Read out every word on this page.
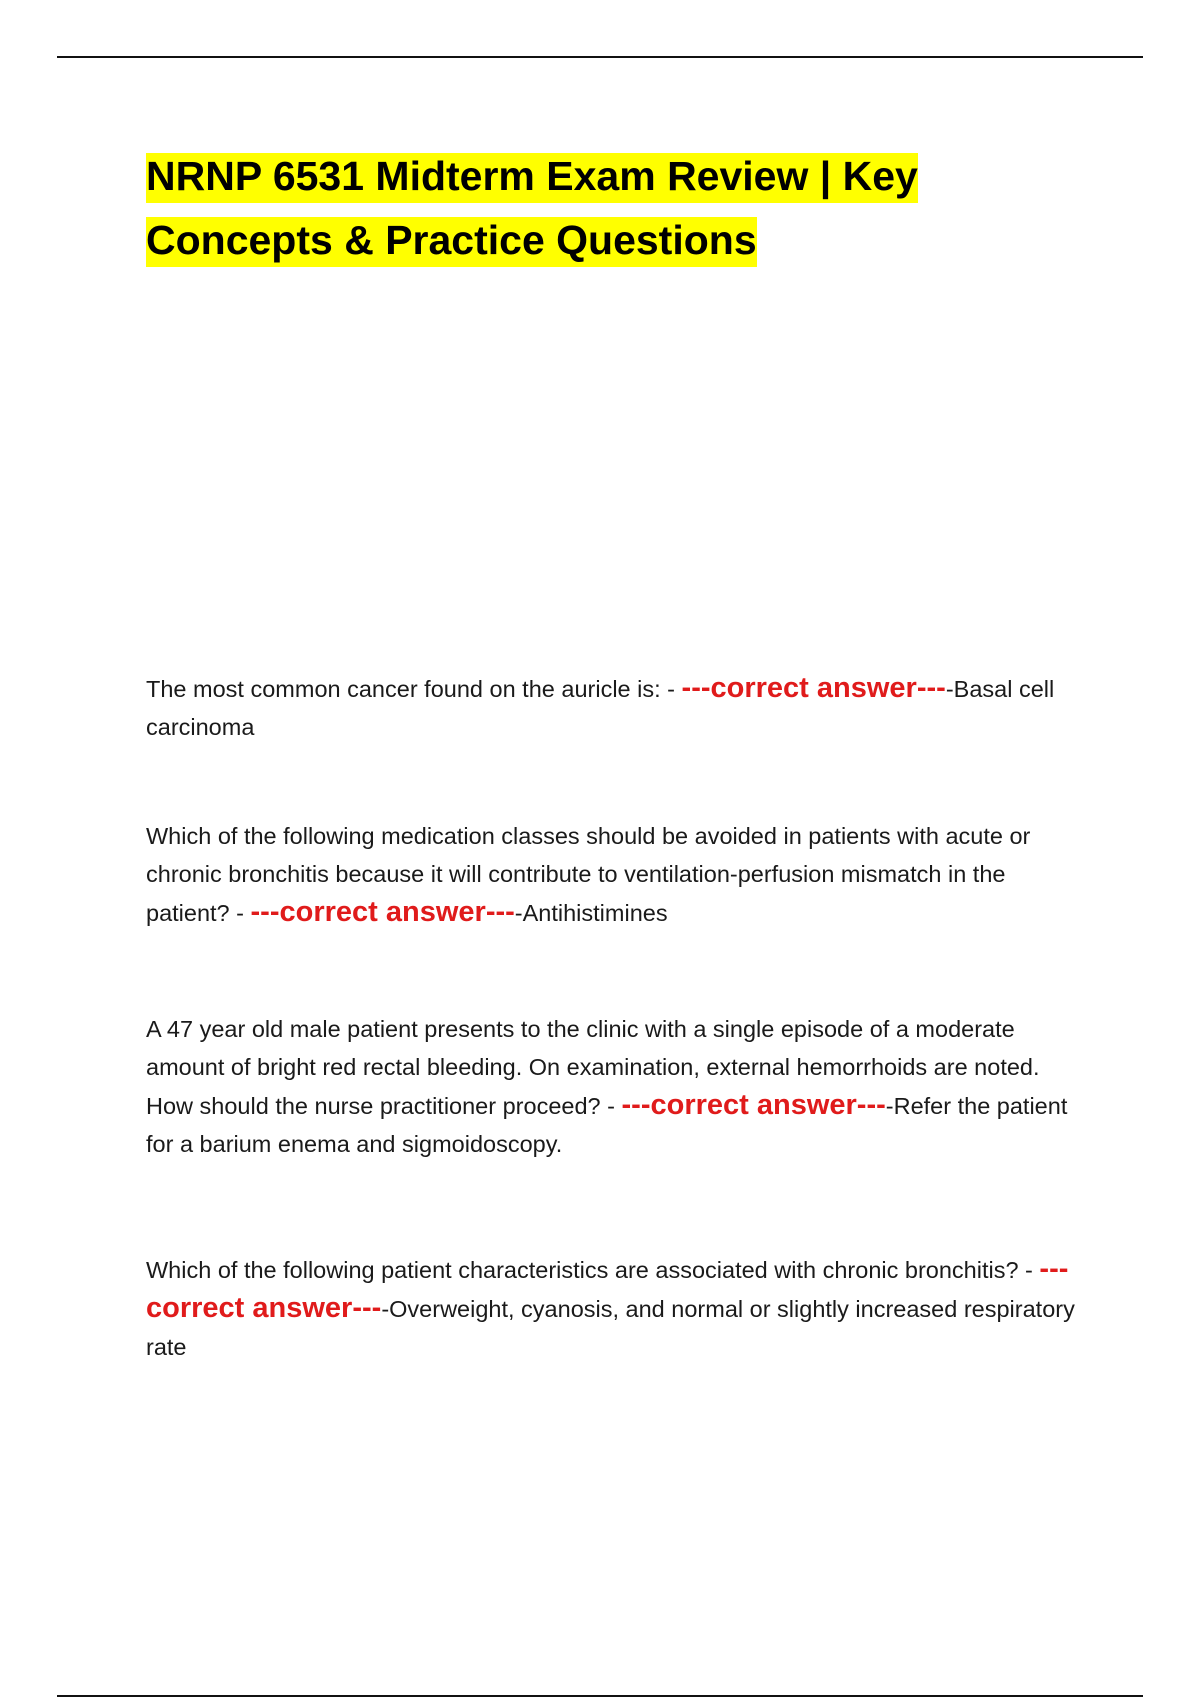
NRNP 6531 Midterm Exam Review | Key
Concepts & Practice Questions

The most common cancer found on the auricle is: - ---correct answer----Basal cell carcinoma

Which of the following medication classes should be avoided in patients with acute or chronic bronchitis because it will contribute to ventilation-perfusion mismatch in the patient? - ---correct answer----Antihistimines

A 47 year old male patient presents to the clinic with a single episode of a moderate amount of bright red rectal bleeding. On examination, external hemorrhoids are noted. How should the nurse practitioner proceed? - ---correct answer----Refer the patient for a barium enema and sigmoidoscopy.

Which of the following patient characteristics are associated with chronic bronchitis? - ---correct answer----Overweight, cyanosis, and normal or slightly increased respiratory rate
